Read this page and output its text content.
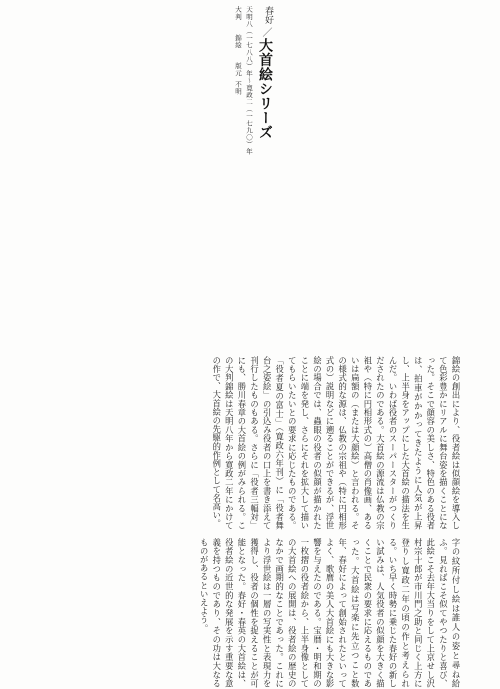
春好
／
大首絵シリーズ
天明八（一七八八）年～寛政二（一七九〇）年
大判錦絵版元不明

錦絵の創出により、役者絵は似顔絵を導入して色彩豊かにリアルに舞台姿を描くことになった。そこで顔容の美しさ、特色のある役者は、拍車がかかってきたように人気が上昇し、上半身をアップにした大首絵の描法を生んだ。いわば役者のスーパースターがつくりだされたのである。大首絵の源流は仏教の宗祖や（特に円相形式の）高僧の肖像画、あるいは扁額の（または大顔絵）と言われる。その様式的な源は、仏教の宗祖や（特に円相形式の）説明などに遡ることができるが、浮世絵の場合では、蟲眼の役者の似顔が描かれたことに端を発し、さらにそれを拡大して描いてもらいたいとの要求に応じたものである。「役者夏の富士」（寛政六年刊）に「役者舞台之姿絵」の引込み役者の口上を書き添えて刊行したものもある。さらに「役者三幅対」にも、勝川春章の大首絵の例がみられる。この大判錦絵は天明八年から寛政二年にかけての作で、大首絵の先駆的作例として名高い。

字の紋所付し絵は誰人の姿と尋ね給ふ。見ればこそ似てやつたりと喜び、此絵こそ去年大当りをして上京せし沢村宗十郎が市川門之助と同じく上方に登りし寛政二年の頃の作と考えられる。いち早く時勢に乗じた春好の新しい試みは、人気役者の似顔を大きく描くことで民衆の要求に応えるものであった。大首絵は写楽に先立つこと数年、春好によって創始されたといってよく、歌麿の美人大首絵にも大きな影響を与えたのである。宝暦・明和期の一枚摺の役者絵から、上半身像としての大首絵への展開は、役者絵の歴史のなかで画期的なことであった。これにより浮世絵は一層の写実性と表現力を獲得し、役者の個性を捉えることが可能となった。春好・春英の大首絵は、役者絵の近世的な発展を示す重要な意義を持つものであり、その功は大なるものがあるといえよう。
